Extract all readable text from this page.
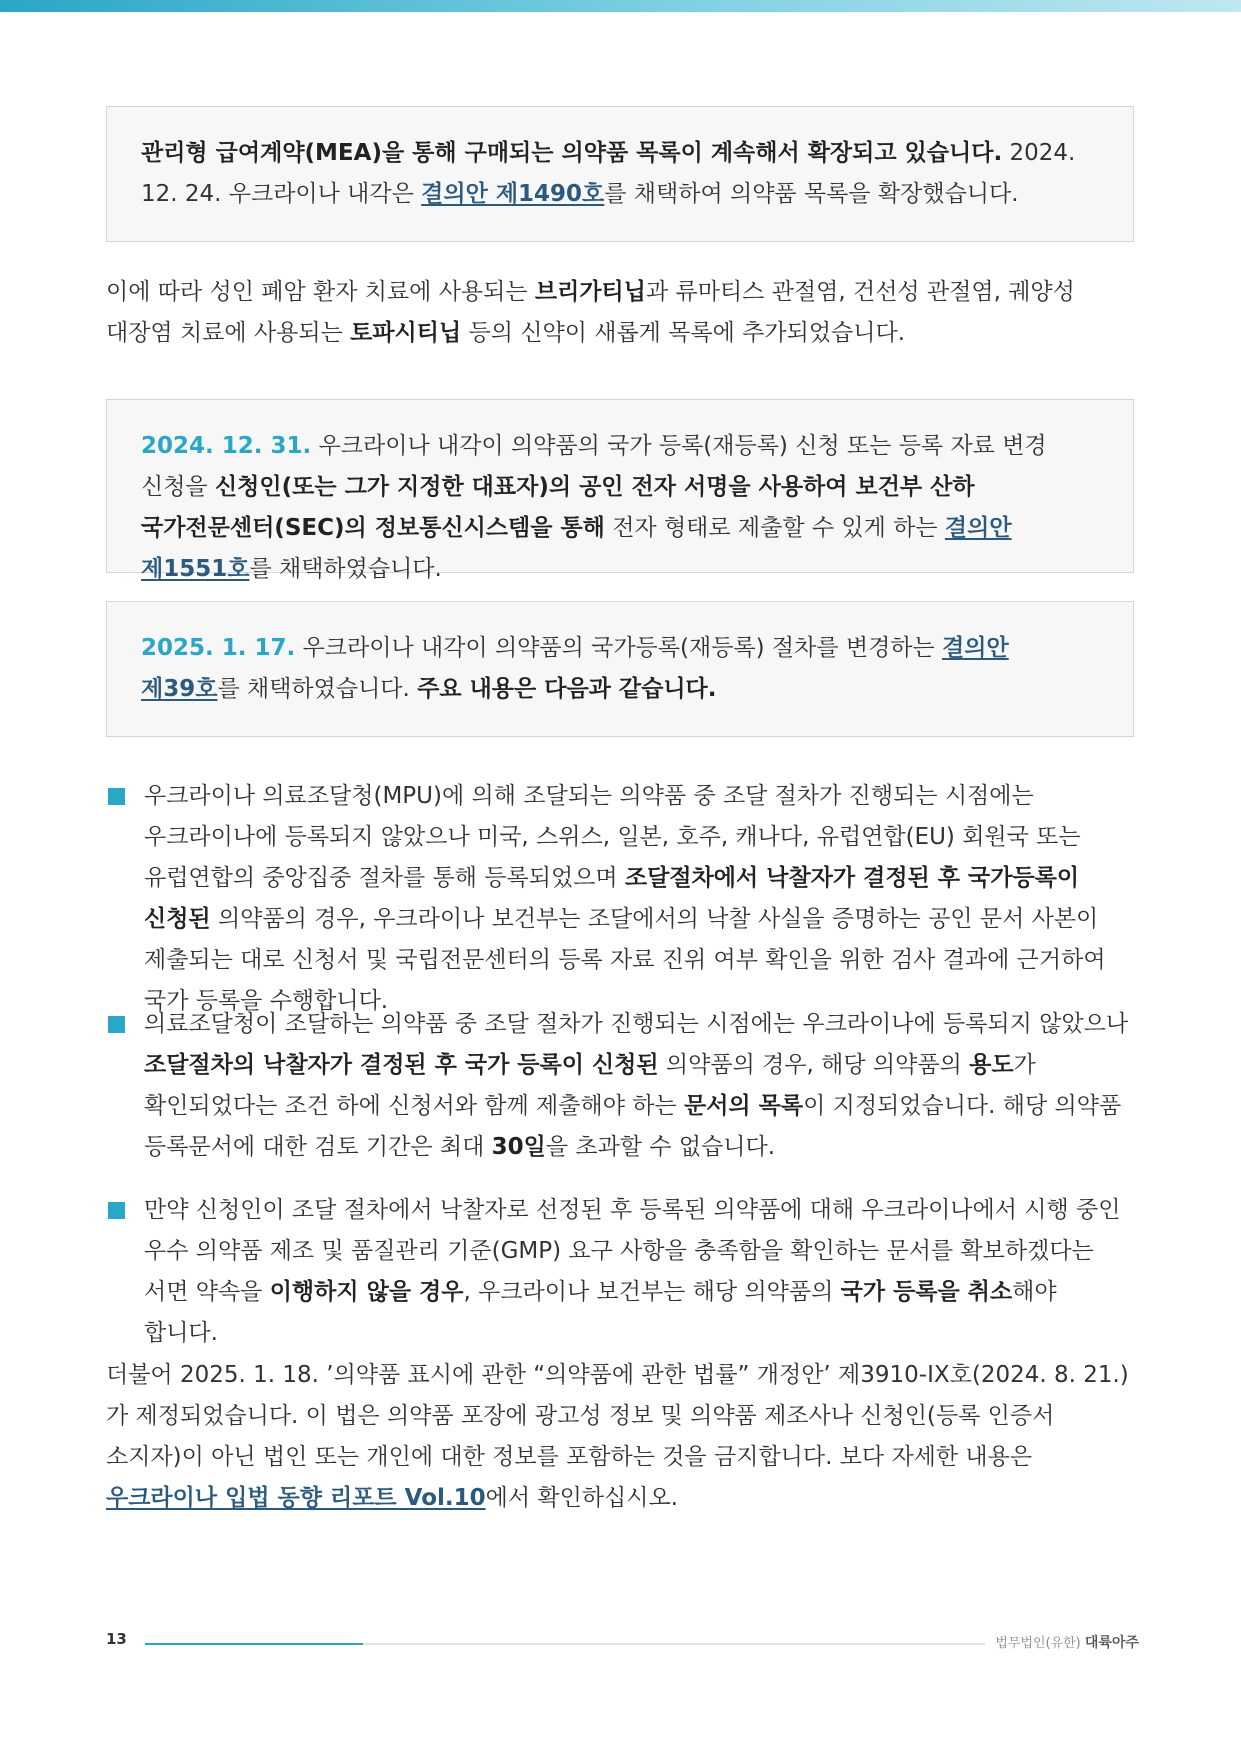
관리형 급여계약(MEA)을 통해 구매되는 의약품 목록이 계속해서 확장되고 있습니다. 2024. 12. 24. 우크라이나 내각은 결의안 제1490호를 채택하여 의약품 목록을 확장했습니다.
이에 따라 성인 폐암 환자 치료에 사용되는 브리가티닙과 류마티스 관절염, 건선성 관절염, 궤양성 대장염 치료에 사용되는 토파시티닙 등의 신약이 새롭게 목록에 추가되었습니다.
2024. 12. 31. 우크라이나 내각이 의약품의 국가 등록(재등록) 신청 또는 등록 자료 변경 신청을 신청인(또는 그가 지정한 대표자)의 공인 전자 서명을 사용하여 보건부 산하 국가전문센터(SEC)의 정보통신시스템을 통해 전자 형태로 제출할 수 있게 하는 결의안 제1551호를 채택하였습니다.
2025. 1. 17. 우크라이나 내각이 의약품의 국가등록(재등록) 절차를 변경하는 결의안 제39호를 채택하였습니다. 주요 내용은 다음과 같습니다.
우크라이나 의료조달청(MPU)에 의해 조달되는 의약품 중 조달 절차가 진행되는 시점에는 우크라이나에 등록되지 않았으나 미국, 스위스, 일본, 호주, 캐나다, 유럽연합(EU) 회원국 또는 유럽연합의 중앙집중 절차를 통해 등록되었으며 조달절차에서 낙찰자가 결정된 후 국가등록이 신청된 의약품의 경우, 우크라이나 보건부는 조달에서의 낙찰 사실을 증명하는 공인 문서 사본이 제출되는 대로 신청서 및 국립전문센터의 등록 자료 진위 여부 확인을 위한 검사 결과에 근거하여 국가 등록을 수행합니다.
의료조달청이 조달하는 의약품 중 조달 절차가 진행되는 시점에는 우크라이나에 등록되지 않았으나 조달절차의 낙찰자가 결정된 후 국가 등록이 신청된 의약품의 경우, 해당 의약품의 용도가 확인되었다는 조건 하에 신청서와 함께 제출해야 하는 문서의 목록이 지정되었습니다. 해당 의약품 등록문서에 대한 검토 기간은 최대 30일을 초과할 수 없습니다.
만약 신청인이 조달 절차에서 낙찰자로 선정된 후 등록된 의약품에 대해 우크라이나에서 시행 중인 우수 의약품 제조 및 품질관리 기준(GMP) 요구 사항을 충족함을 확인하는 문서를 확보하겠다는 서면 약속을 이행하지 않을 경우, 우크라이나 보건부는 해당 의약품의 국가 등록을 취소해야 합니다.
더불어 2025. 1. 18. ’의약품 표시에 관한 “의약품에 관한 법률” 개정안’ 제3910-IX호(2024. 8. 21.)가 제정되었습니다. 이 법은 의약품 포장에 광고성 정보 및 의약품 제조사나 신청인(등록 인증서 소지자)이 아닌 법인 또는 개인에 대한 정보를 포함하는 것을 금지합니다. 보다 자세한 내용은 우크라이나 입법 동향 리포트 Vol.10에서 확인하십시오.
13	법무법인(유한) 대륙아주
